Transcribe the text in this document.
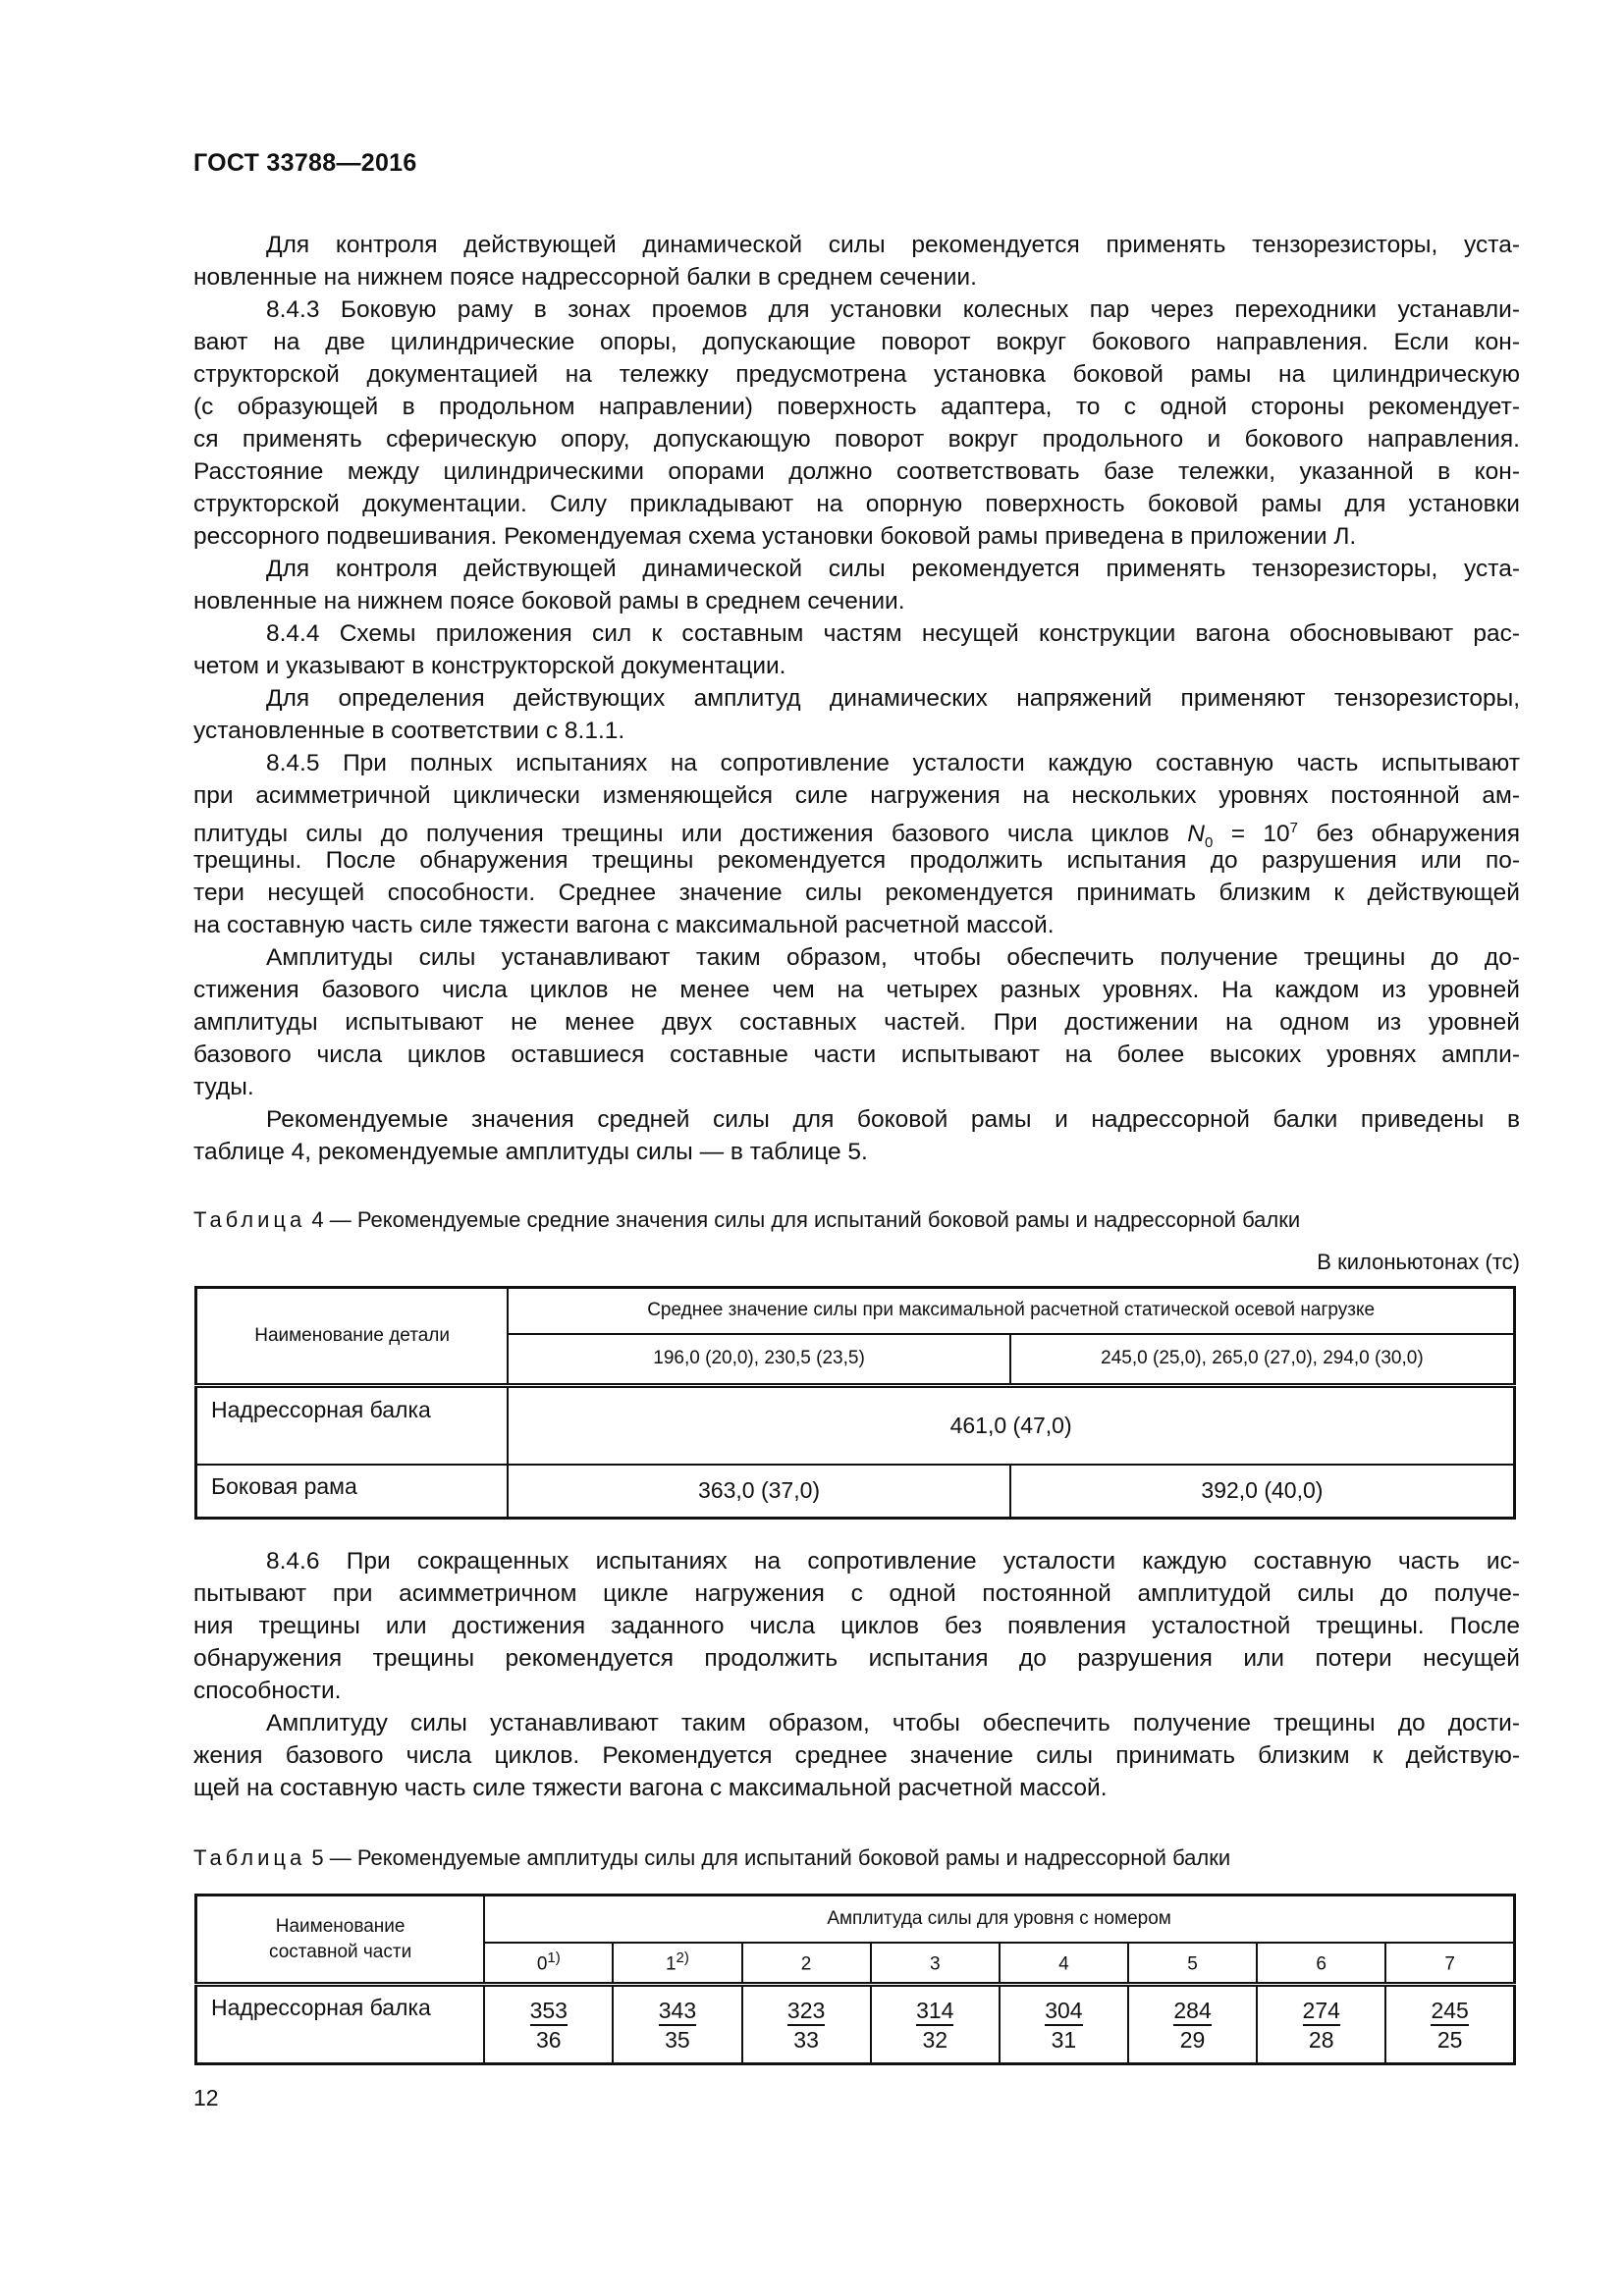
ГОСТ 33788—2016
Для контроля действующей динамической силы рекомендуется применять тензорезисторы, уста-
новленные на нижнем поясе надрессорной балки в среднем сечении.
8.4.3 Боковую раму в зонах проемов для установки колесных пар через переходники устанавли-
вают на две цилиндрические опоры, допускающие поворот вокруг бокового направления. Если кон-
структорской документацией на тележку предусмотрена установка боковой рамы на цилиндрическую
(с образующей в продольном направлении) поверхность адаптера, то с одной стороны рекомендует-
ся применять сферическую опору, допускающую поворот вокруг продольного и бокового направления.
Расстояние между цилиндрическими опорами должно соответствовать базе тележки, указанной в кон-
структорской документации. Силу прикладывают на опорную поверхность боковой рамы для установки
рессорного подвешивания. Рекомендуемая схема установки боковой рамы приведена в приложении Л.
Для контроля действующей динамической силы рекомендуется применять тензорезисторы, уста-
новленные на нижнем поясе боковой рамы в среднем сечении.
8.4.4 Схемы приложения сил к составным частям несущей конструкции вагона обосновывают рас-
четом и указывают в конструкторской документации.
Для определения действующих амплитуд динамических напряжений применяют тензорезисторы,
установленные в соответствии с 8.1.1.
8.4.5 При полных испытаниях на сопротивление усталости каждую составную часть испытывают
при асимметричной циклически изменяющейся силе нагружения на нескольких уровнях постоянной ам-
плитуды силы до получения трещины или достижения базового числа циклов $N_0 = 10^7$ без обнаружения
трещины. После обнаружения трещины рекомендуется продолжить испытания до разрушения или по-
тери несущей способности. Среднее значение силы рекомендуется принимать близким к действующей
на составную часть силе тяжести вагона с максимальной расчетной массой.
Амплитуды силы устанавливают таким образом, чтобы обеспечить получение трещины до до-
стижения базового числа циклов не менее чем на четырех разных уровнях. На каждом из уровней
амплитуды испытывают не менее двух составных частей. При достижении на одном из уровней
базового числа циклов оставшиеся составные части испытывают на более высоких уровнях ампли-
туды.
Рекомендуемые значения средней силы для боковой рамы и надрессорной балки приведены в
таблице 4, рекомендуемые амплитуды силы — в таблице 5.
Таблица 4 — Рекомендуемые средние значения силы для испытаний боковой рамы и надрессорной балки
В килоньютонах (тс)
Наименование детали	Среднее значение силы при максимальной расчетной статической осевой нагрузке	
	196,0 (20,0), 230,5 (23,5)	245,0 (25,0), 265,0 (27,0), 294,0 (30,0)
Надрессорная балка	461,0 (47,0)	
Боковая рама	363,0 (37,0)	392,0 (40,0)
8.4.6 При сокращенных испытаниях на сопротивление усталости каждую составную часть ис-
пытывают при асимметричном цикле нагружения с одной постоянной амплитудой силы до получе-
ния трещины или достижения заданного числа циклов без появления усталостной трещины. После
обнаружения трещины рекомендуется продолжить испытания до разрушения или потери несущей
способности.
Амплитуду силы устанавливают таким образом, чтобы обеспечить получение трещины до дости-
жения базового числа циклов. Рекомендуется среднее значение силы принимать близким к действую-
щей на составную часть силе тяжести вагона с максимальной расчетной массой.
Таблица 5 — Рекомендуемые амплитуды силы для испытаний боковой рамы и надрессорной балки
Наименование составной части	Амплитуда силы для уровня с номером							
	0$^{1)}$	1$^{2)}$	2	3	4	5	6	7
Надрессорная балка	$\frac{353}{36}$	$\frac{343}{35}$	$\frac{323}{33}$	$\frac{314}{32}$	$\frac{304}{31}$	$\frac{284}{29}$	$\frac{274}{28}$	$\frac{245}{25}$
12
